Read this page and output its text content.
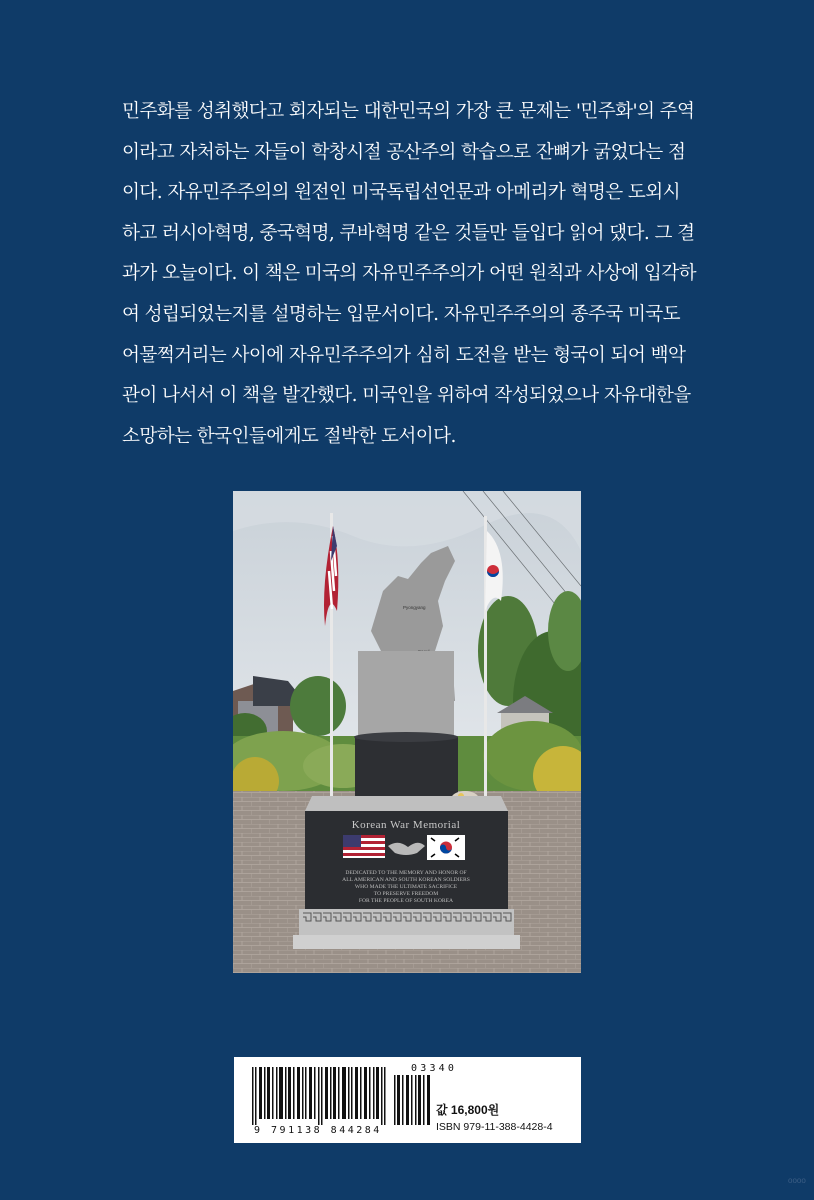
민주화를 성취했다고 회자되는 대한민국의 가장 큰 문제는 '민주화'의 주역
이라고 자처하는 자들이 학창시절 공산주의 학습으로 잔뼈가 굵었다는 점
이다. 자유민주주의의 원전인 미국독립선언문과 아메리카 혁명은 도외시
하고 러시아혁명, 중국혁명, 쿠바혁명 같은 것들만 들입다 읽어 댔다. 그 결
과가 오늘이다. 이 책은 미국의 자유민주주의가 어떤 원칙과 사상에 입각하
여 성립되었는지를 설명하는 입문서이다. 자유민주주의의 종주국 미국도
어물쩍거리는 사이에 자유민주주의가 심히 도전을 받는 형국이 되어 백악
관이 나서서 이 책을 발간했다. 미국인을 위하여 작성되었으나 자유대한을
소망하는 한국인들에게도 절박한 도서이다.
Pyongyang
Korean War Memorial
DEDICATED TO THE MEMORY AND HONOR OF
ALL AMERICAN AND SOUTH KOREAN SOLDIERS
WHO MADE THE ULTIMATE SACRIFICE
TO PRESERVE FREEDOM
FOR THE PEOPLE OF SOUTH KOREA
03340
9 791138 844284
값 16,800원
ISBN 979-11-388-4428-4
oooo
